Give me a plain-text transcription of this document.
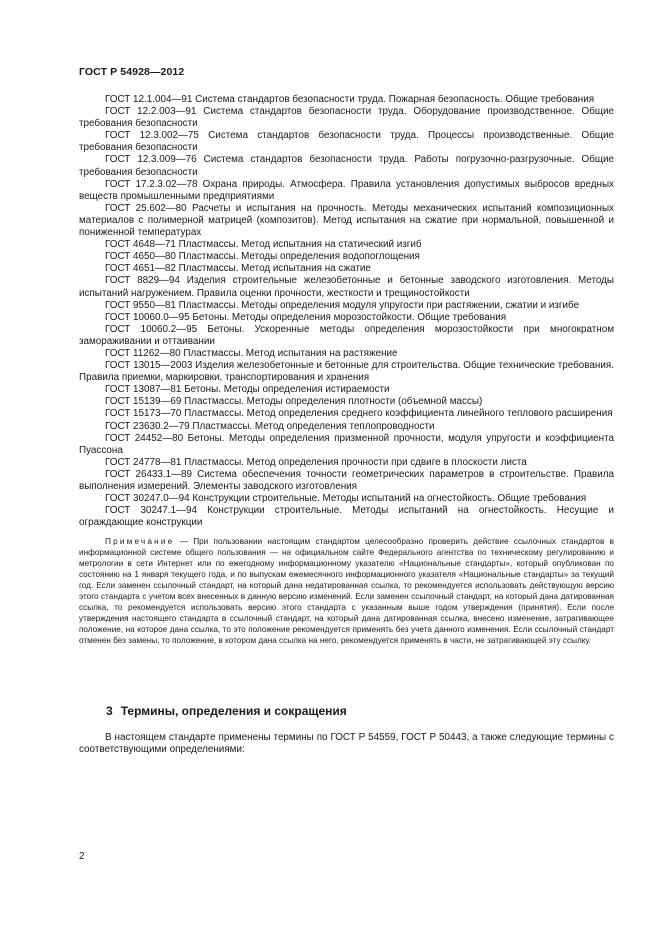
ГОСТ Р 54928—2012

ГОСТ 12.1.004—91 Система стандартов безопасности труда. Пожарная безопасность. Общие требования

ГОСТ 12.2.003—91 Система стандартов безопасности труда. Оборудование производственное. Общие требования безопасности

ГОСТ 12.3.002—75 Система стандартов безопасности труда. Процессы производственные. Общие требования безопасности

ГОСТ 12.3.009—76 Система стандартов безопасности труда. Работы погрузочно-разгрузочные. Общие требования безопасности

ГОСТ 17.2.3.02—78 Охрана природы. Атмосфера. Правила установления допустимых выбросов вредных веществ промышленными предприятиями

ГОСТ 25.602—80 Расчеты и испытания на прочность. Методы механических испытаний композиционных материалов с полимерной матрицей (композитов). Метод испытания на сжатие при нормальной, повышенной и пониженной температурах

ГОСТ 4648—71 Пластмассы. Метод испытания на статический изгиб

ГОСТ 4650—80 Пластмассы. Методы определения водопоглощения

ГОСТ 4651—82 Пластмассы. Метод испытания на сжатие

ГОСТ 8829—94 Изделия строительные железобетонные и бетонные заводского изготовления. Методы испытаний нагружением. Правила оценки прочности, жесткости и трещиностойкости

ГОСТ 9550—81 Пластмассы. Методы определения модуля упругости при растяжении, сжатии и изгибе

ГОСТ 10060.0—95 Бетоны. Методы определения морозостойкости. Общие требования

ГОСТ 10060.2—95 Бетоны. Ускоренные методы определения морозостойкости при многократном замораживании и оттаивании

ГОСТ 11262—80 Пластмассы. Метод испытания на растяжение

ГОСТ 13015—2003 Изделия железобетонные и бетонные для строительства. Общие технические требования. Правила приемки, маркировки, транспортирования и хранения

ГОСТ 13087—81 Бетоны. Методы определения истираемости

ГОСТ 15139—69 Пластмассы. Методы определения плотности (объемной массы)

ГОСТ 15173—70 Пластмассы. Метод определения среднего коэффициента линейного теплового расширения

ГОСТ 23630.2—79 Пластмассы. Метод определения теплопроводности

ГОСТ 24452—80 Бетоны. Методы определения призменной прочности, модуля упругости и коэффициента Пуассона

ГОСТ 24778—81 Пластмассы. Метод определения прочности при сдвиге в плоскости листа

ГОСТ 26433.1—89 Система обеспечения точности геометрических параметров в строительстве. Правила выполнения измерений. Элементы заводского изготовления

ГОСТ 30247.0—94 Конструкции строительные. Методы испытаний на огнестойкость. Общие требования

ГОСТ 30247.1—94 Конструкции строительные. Методы испытаний на огнестойкость. Несущие и ограждающие конструкции

Примечание — При пользовании настоящим стандартом целесообразно проверить действие ссылочных стандартов в информационной системе общего пользования — на официальном сайте Федерального агентства по техническому регулированию и метрологии в сети Интернет или по ежегодному информационному указателю «Национальные стандарты», который опубликован по состоянию на 1 января текущего года, и по выпускам ежемесячного информационного указателя «Национальные стандарты» за текущий год. Если заменен ссылочный стандарт, на который дана недатированная ссылка, то рекомендуется использовать действующую версию этого стандарта с учетом всех внесенных в данную версию изменений. Если заменен ссылочный стандарт, на который дана датированная ссылка, то рекомендуется использовать версию этого стандарта с указанным выше годом утверждения (принятия). Если после утверждения настоящего стандарта в ссылочный стандарт, на который дана датированная ссылка, внесено изменение, затрагивающее положение, на которое дана ссылка, то это положение рекомендуется применять без учета данного изменения. Если ссылочный стандарт отменен без замены, то положение, в котором дана ссылка на него, рекомендуется применять в части, не затрагивающей эту ссылку.

3 Термины, определения и сокращения

В настоящем стандарте применены термины по ГОСТ Р 54559, ГОСТ Р 50443, а также следующие термины с соответствующими определениями:

2
